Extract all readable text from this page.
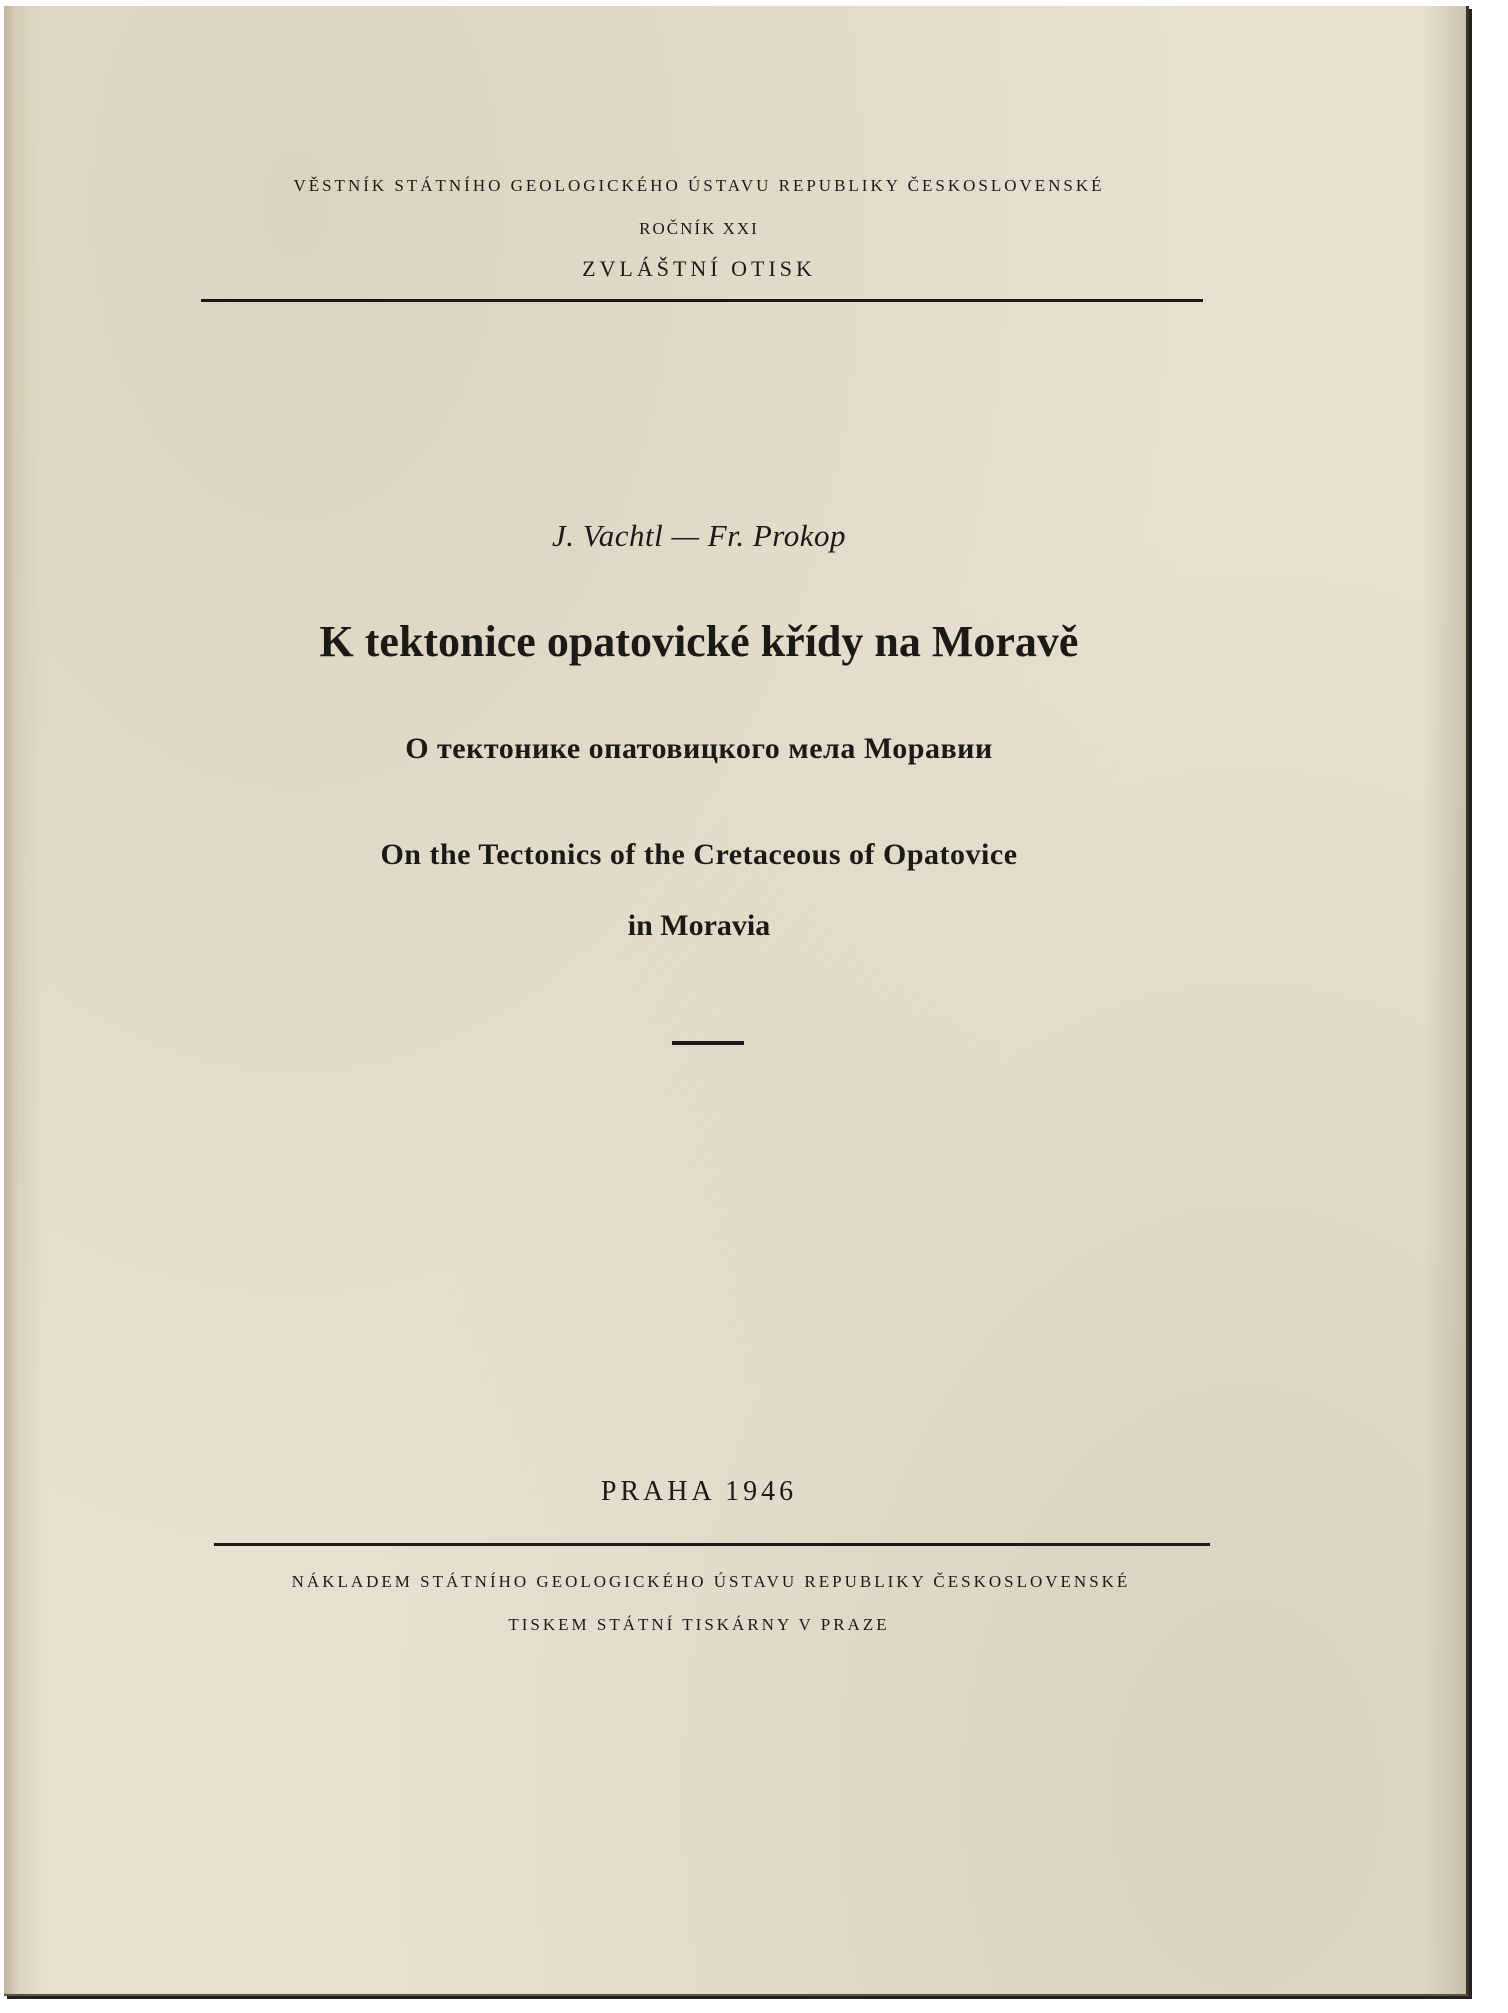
VĚSTNÍK STÁTNÍHO GEOLOGICKÉHO ÚSTAVU REPUBLIKY ČESKOSLOVENSKÉ
ROČNÍK XXI
ZVLÁŠTNÍ OTISK
J. Vachtl — Fr. Prokop
K tektonice opatovické křídy na Moravě
О тектонике опатовицкого мела Моравии
On the Tectonics of the Cretaceous of Opatovice
in Moravia
PRAHA 1946
NÁKLADEM STÁTNÍHO GEOLOGICKÉHO ÚSTAVU REPUBLIKY ČESKOSLOVENSKÉ
TISKEM STÁTNÍ TISKÁRNY V PRAZE
